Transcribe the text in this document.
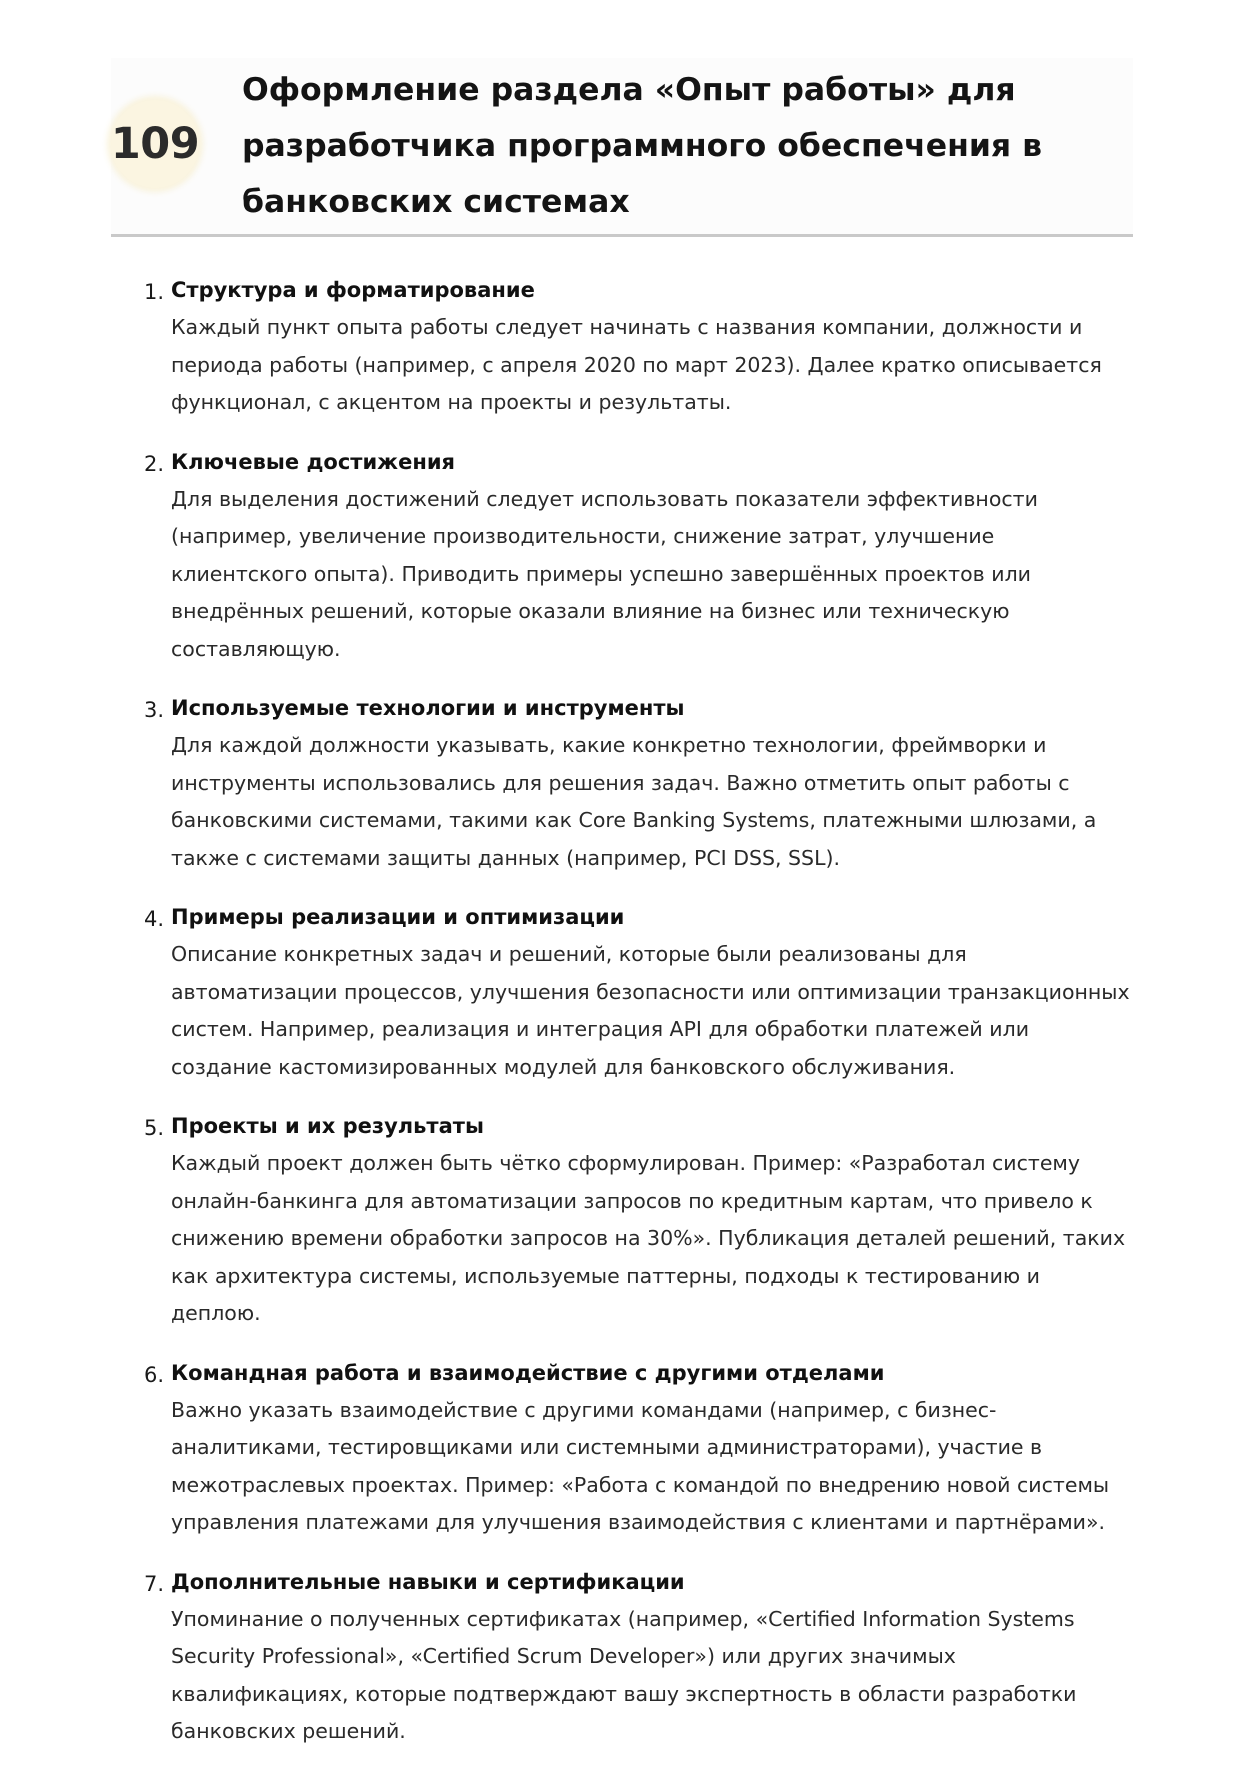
109
Оформление раздела «Опыт работы» для разработчика программного обеспечения в банковских системах
1. Структура и форматирование

Каждый пункт опыта работы следует начинать с названия компании, должности и периода работы (например, с апреля 2020 по март 2023). Далее кратко описывается функционал, с акцентом на проекты и результаты.

2. Ключевые достижения

Для выделения достижений следует использовать показатели эффективности (например, увеличение производительности, снижение затрат, улучшение клиентского опыта). Приводить примеры успешно завершённых проектов или внедрённых решений, которые оказали влияние на бизнес или техническую составляющую.

3. Используемые технологии и инструменты

Для каждой должности указывать, какие конкретно технологии, фреймворки и инструменты использовались для решения задач. Важно отметить опыт работы с банковскими системами, такими как Core Banking Systems, платежными шлюзами, а также с системами защиты данных (например, PCI DSS, SSL).

4. Примеры реализации и оптимизации

Описание конкретных задач и решений, которые были реализованы для автоматизации процессов, улучшения безопасности или оптимизации транзакционных систем. Например, реализация и интеграция API для обработки платежей или создание кастомизированных модулей для банковского обслуживания.

5. Проекты и их результаты

Каждый проект должен быть чётко сформулирован. Пример: «Разработал систему онлайн-банкинга для автоматизации запросов по кредитным картам, что привело к снижению времени обработки запросов на 30%». Публикация деталей решений, таких как архитектура системы, используемые паттерны, подходы к тестированию и деплою.

6. Командная работа и взаимодействие с другими отделами

Важно указать взаимодействие с другими командами (например, с бизнес-аналитиками, тестировщиками или системными администраторами), участие в межотраслевых проектах. Пример: «Работа с командой по внедрению новой системы управления платежами для улучшения взаимодействия с клиентами и партнёрами».

7. Дополнительные навыки и сертификации

Упоминание о полученных сертификатах (например, «Certified Information Systems Security Professional», «Certified Scrum Developer») или других значимых квалификациях, которые подтверждают вашу экспертность в области разработки банковских решений.
